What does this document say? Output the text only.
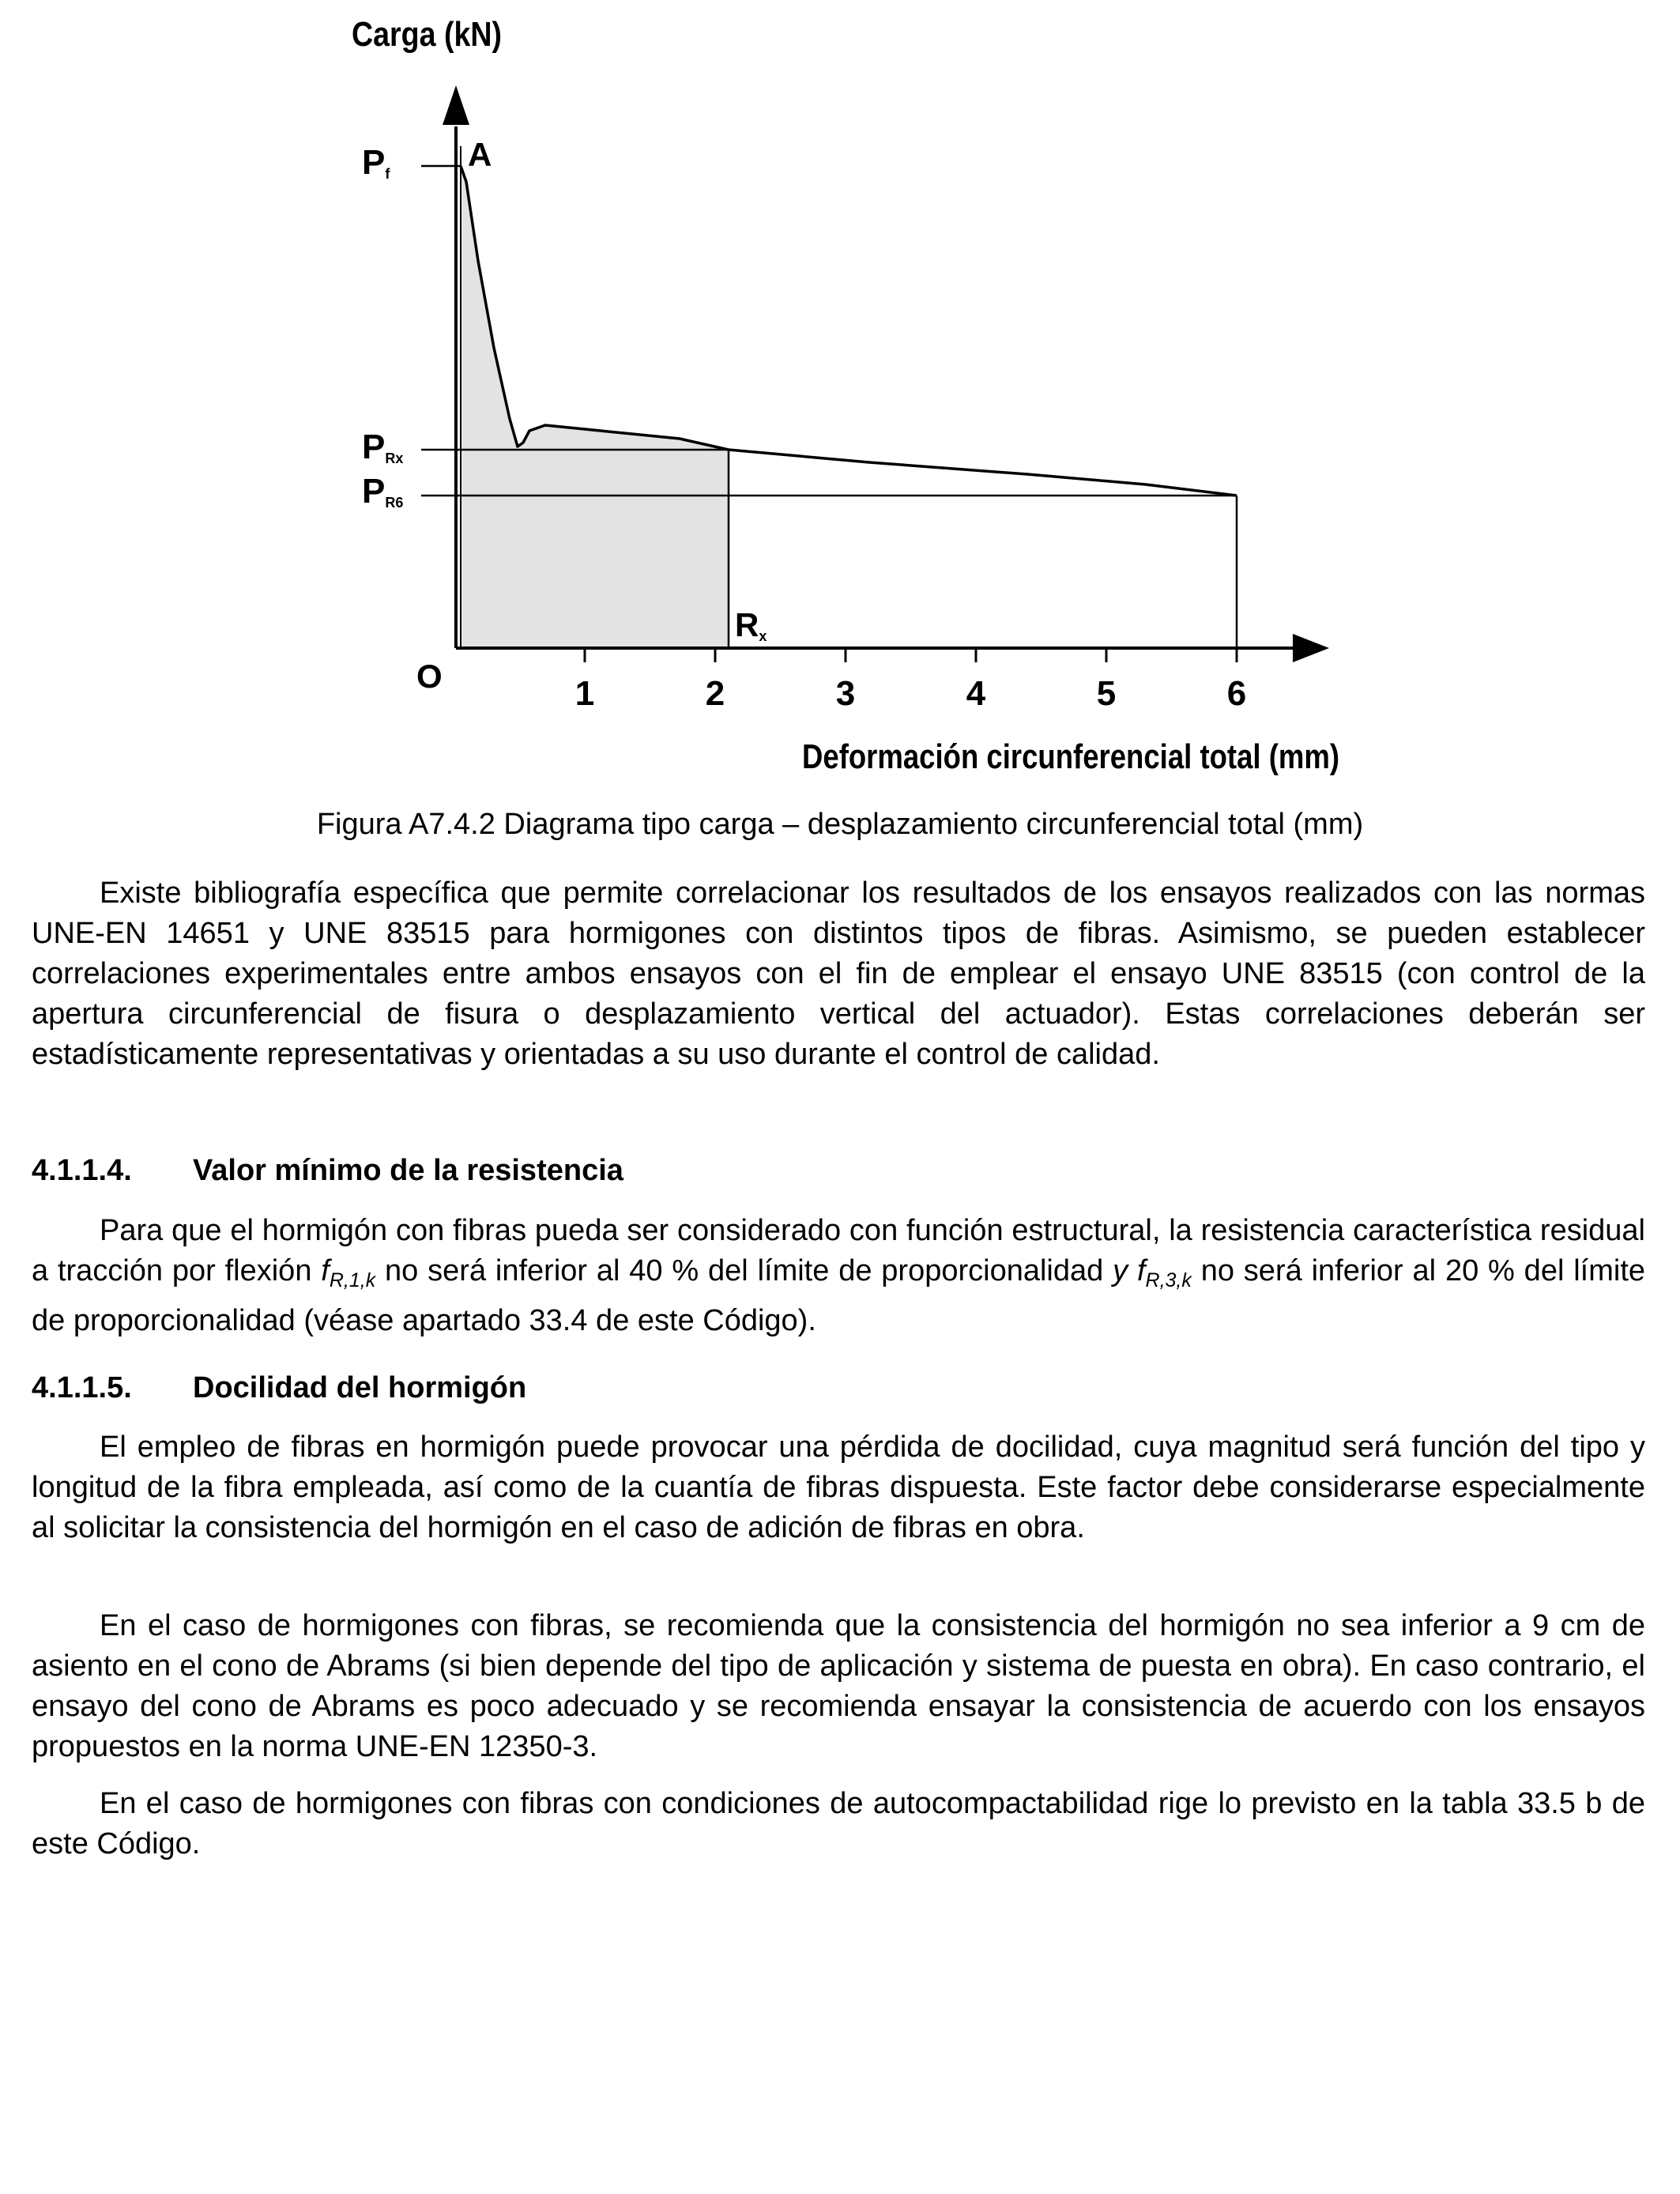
Carga (kN)
Pf
A
PRx
PR6
Rx
O	1	2	3	4	5	6
Deformación circunferencial total (mm)
Figura A7.4.2 Diagrama tipo carga – desplazamiento circunferencial total (mm)

Existe bibliografía específica que permite correlacionar los resultados de los ensayos realizados con las normas UNE-EN 14651 y UNE 83515 para hormigones con distintos tipos de fibras. Asimismo, se pueden establecer correlaciones experimentales entre ambos ensayos con el fin de emplear el ensayo UNE 83515 (con control de la apertura circunferencial de fisura o desplazamiento vertical del actuador). Estas correlaciones deberán ser estadísticamente representativas y orientadas a su uso durante el control de calidad.

4.1.1.4. Valor mínimo de la resistencia

Para que el hormigón con fibras pueda ser considerado con función estructural, la resistencia característica residual a tracción por flexión $f_{R,1,k}$ no será inferior al 40 % del límite de proporcionalidad y $f_{R,3,k}$ no será inferior al 20 % del límite de proporcionalidad (véase apartado 33.4 de este Código).

4.1.1.5. Docilidad del hormigón

El empleo de fibras en hormigón puede provocar una pérdida de docilidad, cuya magnitud será función del tipo y longitud de la fibra empleada, así como de la cuantía de fibras dispuesta. Este factor debe considerarse especialmente al solicitar la consistencia del hormigón en el caso de adición de fibras en obra.

En el caso de hormigones con fibras, se recomienda que la consistencia del hormigón no sea inferior a 9 cm de asiento en el cono de Abrams (si bien depende del tipo de aplicación y sistema de puesta en obra). En caso contrario, el ensayo del cono de Abrams es poco adecuado y se recomienda ensayar la consistencia de acuerdo con los ensayos propuestos en la norma UNE-EN 12350-3.

En el caso de hormigones con fibras con condiciones de autocompactabilidad rige lo previsto en la tabla 33.5 b de este Código.
